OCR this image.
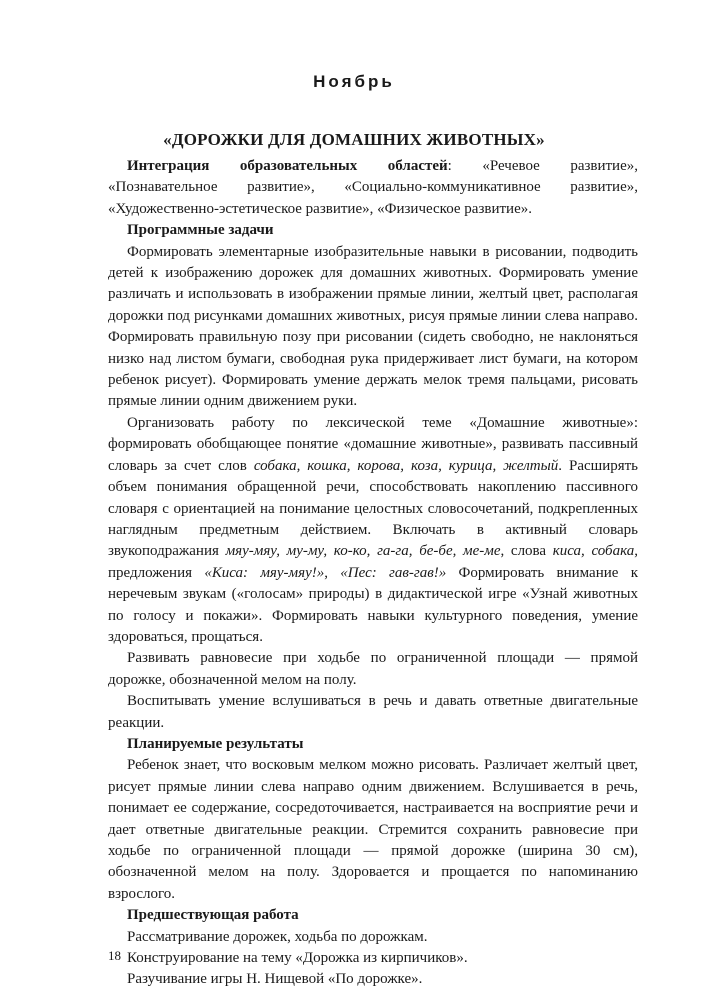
Ноябрь
«ДОРОЖКИ ДЛЯ ДОМАШНИХ ЖИВОТНЫХ»

Интеграция образовательных областей: «Речевое развитие», «Познавательное развитие», «Социально-коммуникативное развитие», «Художественно-эстетическое развитие», «Физическое развитие».

Программные задачи

Формировать элементарные изобразительные навыки в рисовании, подводить детей к изображению дорожек для домашних животных. Формировать умение различать и использовать в изображении прямые линии, желтый цвет, располагая дорожки под рисунками домашних животных, рисуя прямые линии слева направо. Формировать правильную позу при рисовании (сидеть свободно, не наклоняться низко над листом бумаги, свободная рука придерживает лист бумаги, на котором ребенок рисует). Формировать умение держать мелок тремя пальцами, рисовать прямые линии одним движением руки.

Организовать работу по лексической теме «Домашние животные»: формировать обобщающее понятие «домашние животные», развивать пассивный словарь за счет слов собака, кошка, корова, коза, курица, желтый. Расширять объем понимания обращенной речи, способствовать накоплению пассивного словаря с ориентацией на понимание целостных словосочетаний, подкрепленных наглядным предметным действием. Включать в активный словарь звукоподражания мяу-мяу, му-му, ко-ко, га-га, бе-бе, ме-ме, слова киса, собака, предложения «Киса: мяу-мяу!», «Пес: гав-гав!» Формировать внимание к неречевым звукам («голосам» природы) в дидактической игре «Узнай животных по голосу и покажи». Формировать навыки культурного поведения, умение здороваться, прощаться.

Развивать равновесие при ходьбе по ограниченной площади — прямой дорожке, обозначенной мелом на полу.

Воспитывать умение вслушиваться в речь и давать ответные двигательные реакции.

Планируемые результаты

Ребенок знает, что восковым мелком можно рисовать. Различает желтый цвет, рисует прямые линии слева направо одним движением. Вслушивается в речь, понимает ее содержание, сосредоточивается, настраивается на восприятие речи и дает ответные двигательные реакции. Стремится сохранить равновесие при ходьбе по ограниченной площади — прямой дорожке (ширина 30 см), обозначенной мелом на полу. Здоровается и прощается по напоминанию взрослого.

Предшествующая работа

Рассматривание дорожек, ходьба по дорожкам.

Конструирование на тему «Дорожка из кирпичиков».

Разучивание игры Н. Нищевой «По дорожке».

18
